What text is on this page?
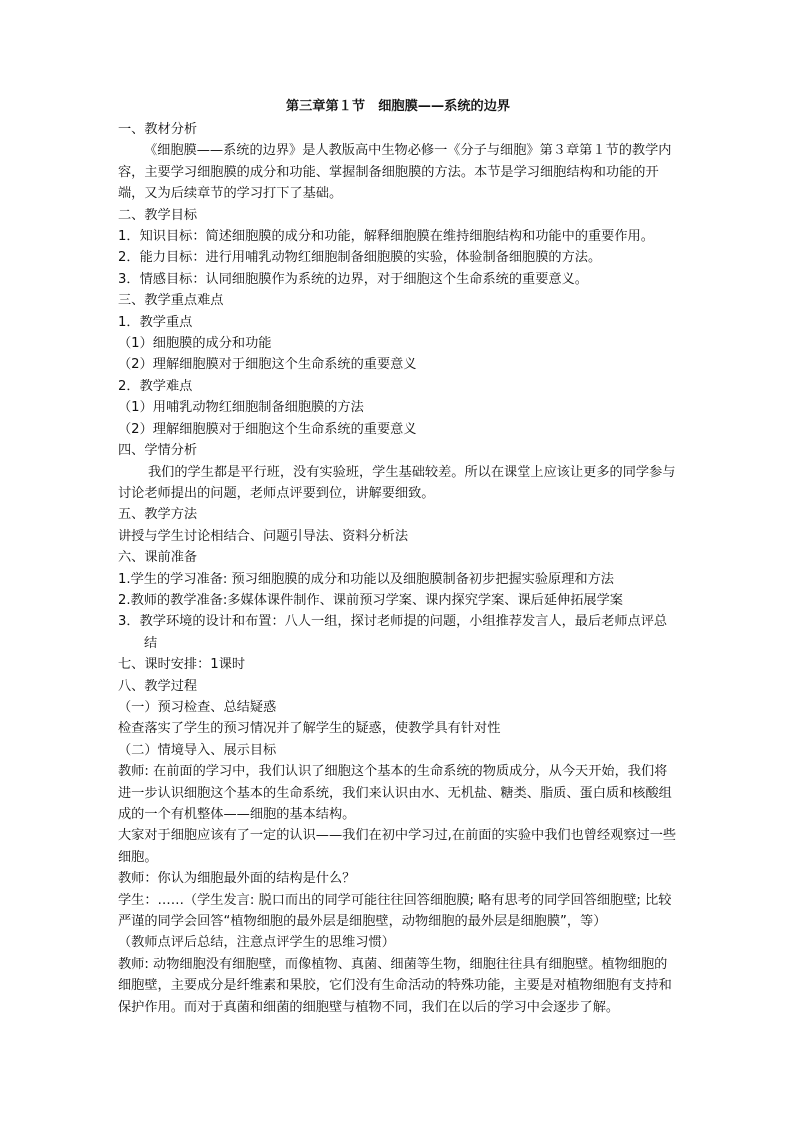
第三章第１节　细胞膜——系统的边界

一、教材分析

《细胞膜——系统的边界》是人教版高中生物必修一《分子与细胞》第３章第１节的教学内容，主要学习细胞膜的成分和功能、掌握制备细胞膜的方法。本节是学习细胞结构和功能的开端，又为后续章节的学习打下了基础。

二、教学目标

1．知识目标：简述细胞膜的成分和功能，解释细胞膜在维持细胞结构和功能中的重要作用。

2．能力目标：进行用哺乳动物红细胞制备细胞膜的实验，体验制备细胞膜的方法。

3．情感目标：认同细胞膜作为系统的边界，对于细胞这个生命系统的重要意义。

三、教学重点难点

1．教学重点

（1）细胞膜的成分和功能

（2）理解细胞膜对于细胞这个生命系统的重要意义

2．教学难点

（1）用哺乳动物红细胞制备细胞膜的方法

（2）理解细胞膜对于细胞这个生命系统的重要意义

四、学情分析

我们的学生都是平行班，没有实验班，学生基础较差。所以在课堂上应该让更多的同学参与讨论老师提出的问题，老师点评要到位，讲解要细致。

五、教学方法

讲授与学生讨论相结合、问题引导法、资料分析法

六、课前准备

1.学生的学习准备: 预习细胞膜的成分和功能以及细胞膜制备初步把握实验原理和方法

2.教师的教学准备:多媒体课件制作、课前预习学案、课内探究学案、课后延伸拓展学案

3．教学环境的设计和布置：八人一组，探讨老师提的问题，小组推荐发言人，最后老师点评总结

七、课时安排：1课时

八、教学过程

（一）预习检查、总结疑惑

检查落实了学生的预习情况并了解学生的疑惑，使教学具有针对性

（二）情境导入、展示目标

教师: 在前面的学习中，我们认识了细胞这个基本的生命系统的物质成分，从今天开始，我们将进一步认识细胞这个基本的生命系统，我们来认识由水、无机盐、糖类、脂质、蛋白质和核酸组成的一个有机整体——细胞的基本结构。

大家对于细胞应该有了一定的认识——我们在初中学习过,在前面的实验中我们也曾经观察过一些细胞。

教师：你认为细胞最外面的结构是什么？

学生：……（学生发言: 脱口而出的同学可能往往回答细胞膜; 略有思考的同学回答细胞壁; 比较严谨的同学会回答“植物细胞的最外层是细胞壁，动物细胞的最外层是细胞膜”，等）

（教师点评后总结，注意点评学生的思维习惯）

教师: 动物细胞没有细胞壁，而像植物、真菌、细菌等生物，细胞往往具有细胞壁。植物细胞的细胞壁，主要成分是纤维素和果胶，它们没有生命活动的特殊功能，主要是对植物细胞有支持和保护作用。而对于真菌和细菌的细胞壁与植物不同，我们在以后的学习中会逐步了解。
